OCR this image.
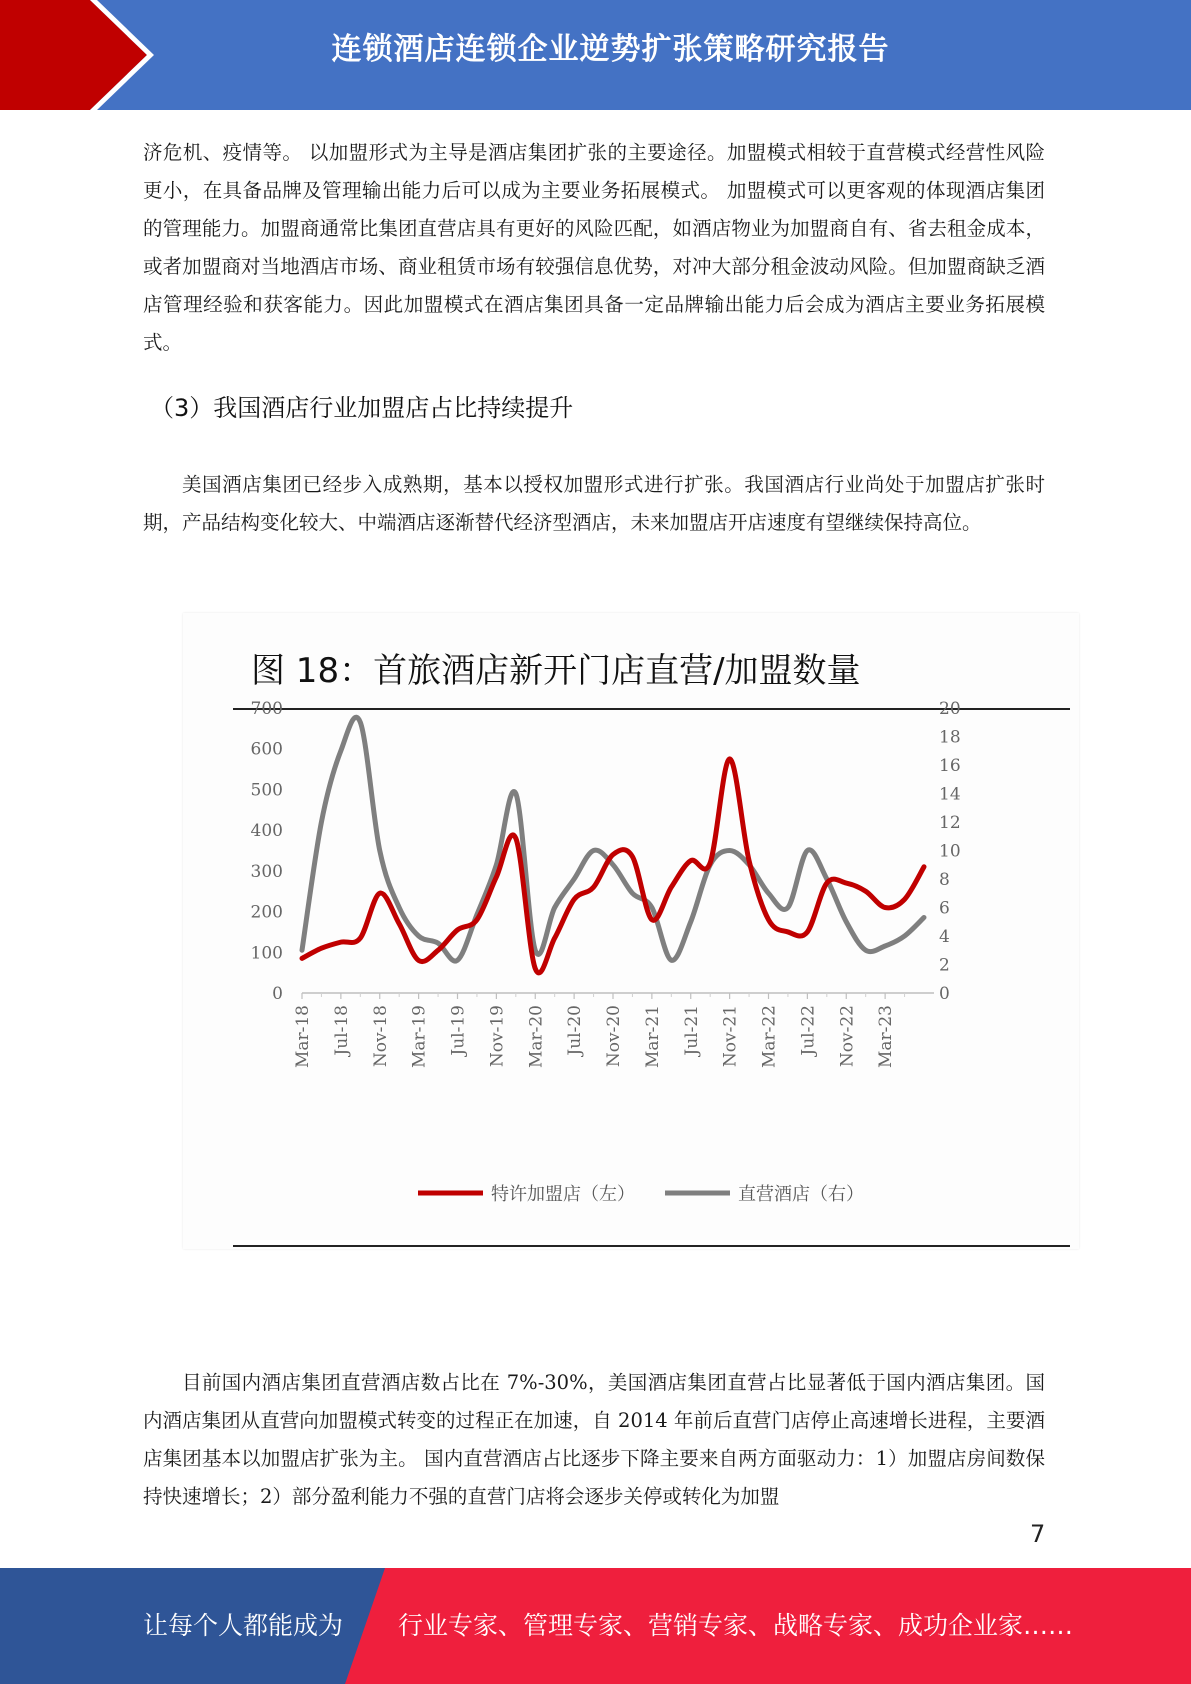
连锁酒店连锁企业逆势扩张策略研究报告

济危机、疫情等。 以加盟形式为主导是酒店集团扩张的主要途径。加盟模式相较于直营模式经营性风险更小，在具备品牌及管理输出能力后可以成为主要业务拓展模式。 加盟模式可以更客观的体现酒店集团的管理能力。加盟商通常比集团直营店具有更好的风险匹配，如酒店物业为加盟商自有、省去租金成本，或者加盟商对当地酒店市场、商业租赁市场有较强信息优势，对冲大部分租金波动风险。但加盟商缺乏酒店管理经验和获客能力。因此加盟模式在酒店集团具备一定品牌输出能力后会成为酒店主要业务拓展模式。

（3）我国酒店行业加盟店占比持续提升

美国酒店集团已经步入成熟期，基本以授权加盟形式进行扩张。我国酒店行业尚处于加盟店扩张时期，产品结构变化较大、中端酒店逐渐替代经济型酒店，未来加盟店开店速度有望继续保持高位。

Mar-18 Jul-18 Nov-18 Mar-19 Jul-19 Nov-19 Mar-20 Jul-20 Nov-20 Mar-21 Jul-21 Nov-21 Mar-22 Jul-22 Nov-22 Mar-23
0
100
200
300
400
500
600
700
0
2
4
6
8
10
12
14
16
18
20
特许加盟店（左）	直营酒店（右）
图 18：首旅酒店新开门店直营/加盟数量

目前国内酒店集团直营酒店数占比在 7%-30%，美国酒店集团直营占比显著低于国内酒店集团。国内酒店集团从直营向加盟模式转变的过程正在加速，自 2014 年前后直营门店停止高速增长进程，主要酒店集团基本以加盟店扩张为主。 国内直营酒店占比逐步下降主要来自两方面驱动力：1）加盟店房间数保持快速增长；2）部分盈利能力不强的直营门店将会逐步关停或转化为加盟

7
让每个人都能成为 行业专家、管理专家、营销专家、战略专家、成功企业家……
